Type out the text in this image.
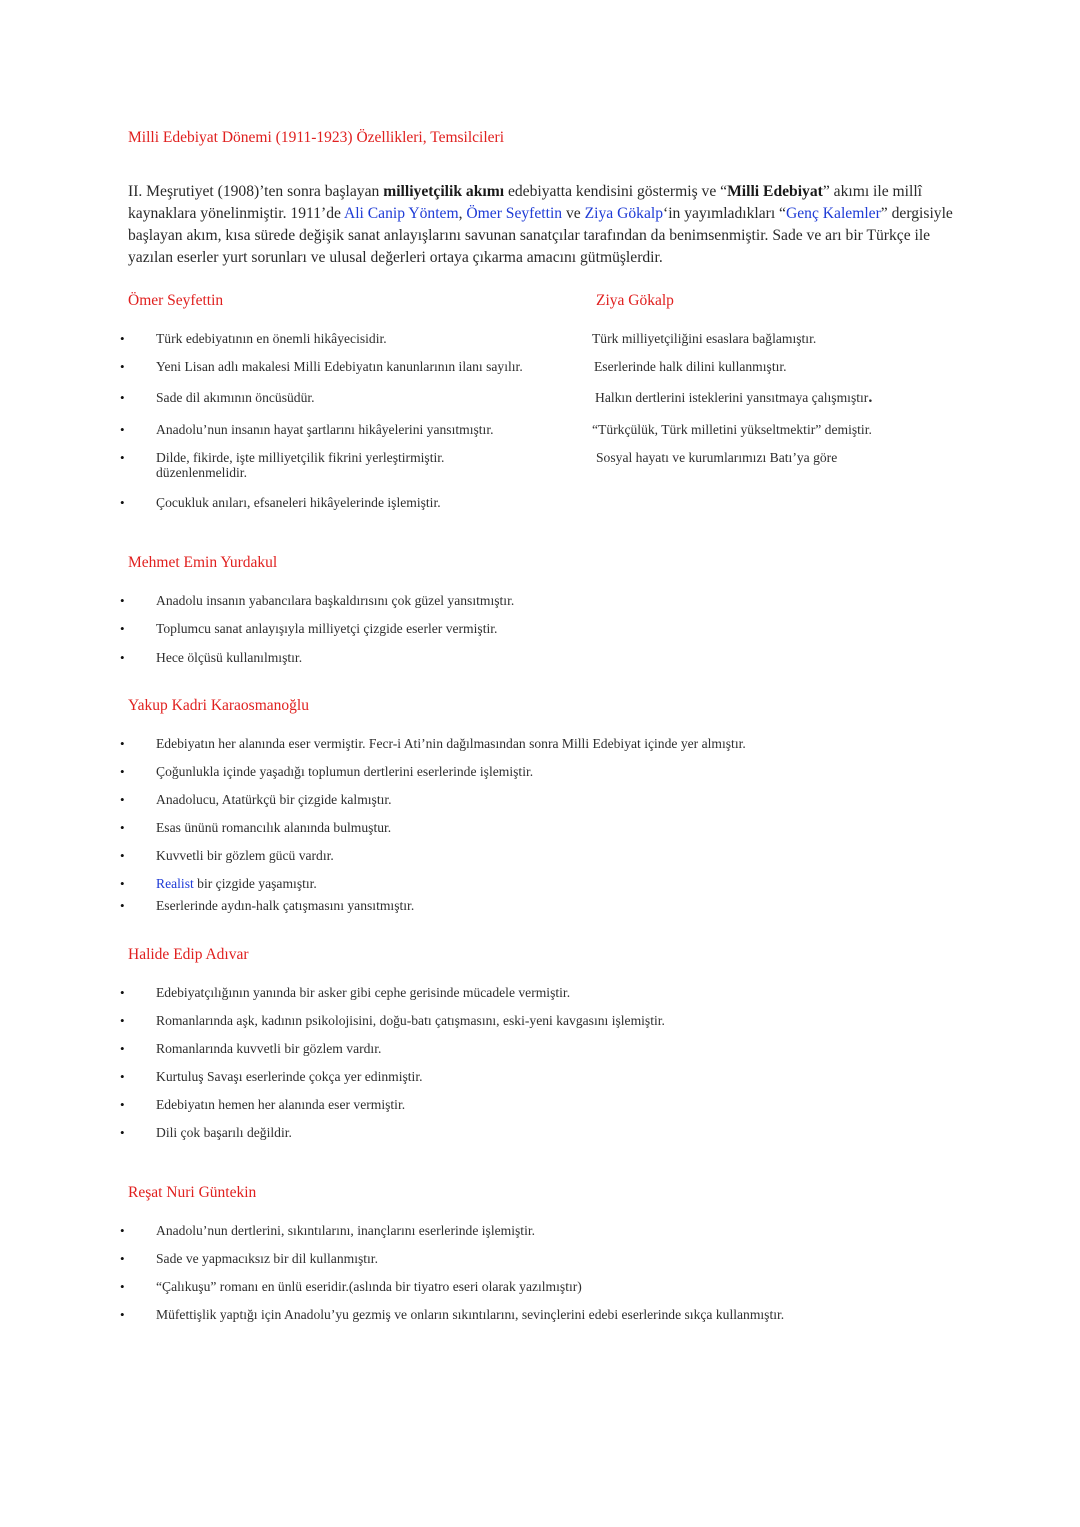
Milli Edebiyat Dönemi (1911-1923) Özellikleri, Temsilcileri
II. Meşrutiyet (1908)’ten sonra başlayan milliyetçilik akımı edebiyatta kendisini göstermiş ve “Milli Edebiyat” akımı ile millî kaynaklara yönelinmiştir. 1911’de Ali Canip Yöntem, Ömer Seyfettin ve Ziya Gökalp‘in yayımladıkları “Genç Kalemler” dergisiyle başlayan akım, kısa sürede değişik sanat anlayışlarını savunan sanatçılar tarafından da benimsenmiştir. Sade ve arı bir Türkçe ile yazılan eserler yurt sorunları ve ulusal değerleri ortaya çıkarma amacını gütmüşlerdir.
Ömer Seyfettin	Ziya Gökalp
• Türk edebiyatının en önemli hikâyecisidir.
• Yeni Lisan adlı makalesi Milli Edebiyatın kanunlarının ilanı sayılır.
• Sade dil akımının öncüsüdür.
• Anadolu’nun insanın hayat şartlarını hikâyelerini yansıtmıştır.
• Dilde, fikirde, işte milliyetçilik fikrini yerleştirmiştir.
düzenlenmelidir.
• Çocukluk anıları, efsaneleri hikâyelerinde işlemiştir.
Türk milliyetçiliğini esaslara bağlamıştır.
Eserlerinde halk dilini kullanmıştır.
Halkın dertlerini isteklerini yansıtmaya çalışmıştır.
“Türkçülük, Türk milletini yükseltmektir” demiştir.
Sosyal hayatı ve kurumlarımızı Batı’ya göre
Mehmet Emin Yurdakul
• Anadolu insanın yabancılara başkaldırısını çok güzel yansıtmıştır.
• Toplumcu sanat anlayışıyla milliyetçi çizgide eserler vermiştir.
• Hece ölçüsü kullanılmıştır.
Yakup Kadri Karaosmanoğlu
• Edebiyatın her alanında eser vermiştir. Fecr-i Ati’nin dağılmasından sonra Milli Edebiyat içinde yer almıştır.
• Çoğunlukla içinde yaşadığı toplumun dertlerini eserlerinde işlemiştir.
• Anadolucu, Atatürkçü bir çizgide kalmıştır.
• Esas ününü romancılık alanında bulmuştur.
• Kuvvetli bir gözlem gücü vardır.
• Realist bir çizgide yaşamıştır.
• Eserlerinde aydın-halk çatışmasını yansıtmıştır.
Halide Edip Adıvar
• Edebiyatçılığının yanında bir asker gibi cephe gerisinde mücadele vermiştir.
• Romanlarında aşk, kadının psikolojisini, doğu-batı çatışmasını, eski-yeni kavgasını işlemiştir.
• Romanlarında kuvvetli bir gözlem vardır.
• Kurtuluş Savaşı eserlerinde çokça yer edinmiştir.
• Edebiyatın hemen her alanında eser vermiştir.
• Dili çok başarılı değildir.
Reşat Nuri Güntekin
• Anadolu’nun dertlerini, sıkıntılarını, inançlarını eserlerinde işlemiştir.
• Sade ve yapmacıksız bir dil kullanmıştır.
• “Çalıkuşu” romanı en ünlü eseridir.(aslında bir tiyatro eseri olarak yazılmıştır)
• Müfettişlik yaptığı için Anadolu’yu gezmiş ve onların sıkıntılarını, sevinçlerini edebi eserlerinde sıkça kullanmıştır.
